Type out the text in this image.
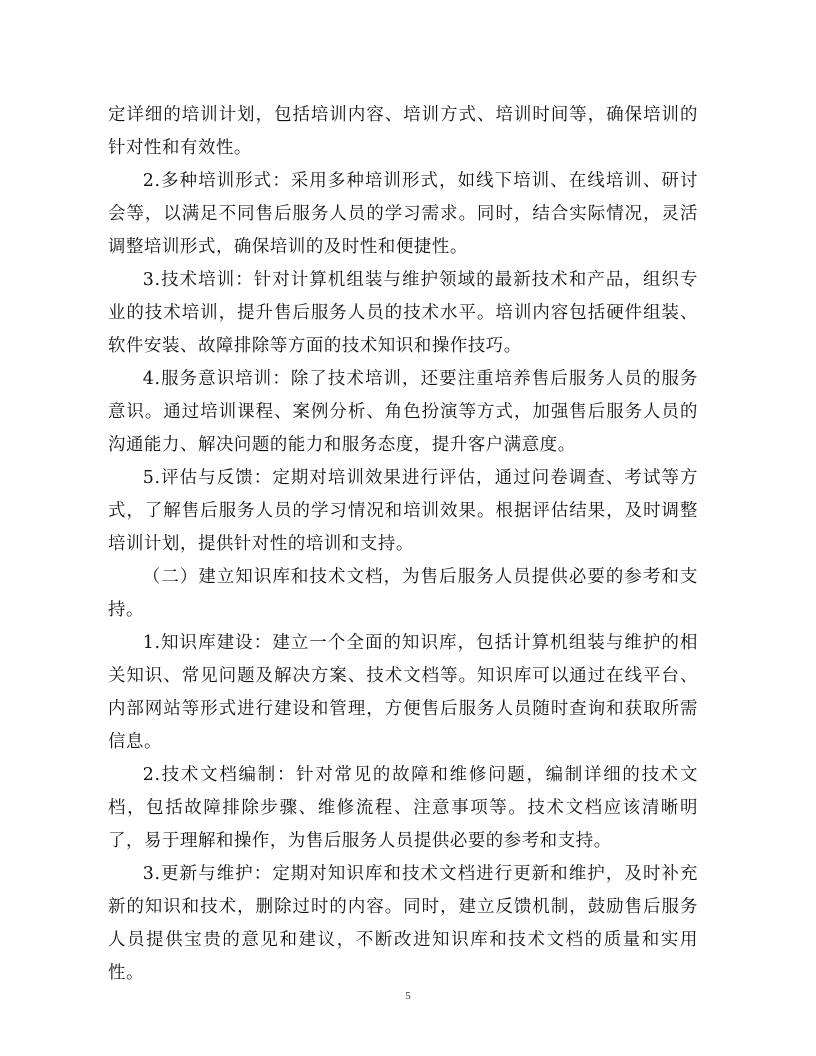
定详细的培训计划，包括培训内容、培训方式、培训时间等，确保培训的针对性和有效性。

2.多种培训形式：采用多种培训形式，如线下培训、在线培训、研讨会等，以满足不同售后服务人员的学习需求。同时，结合实际情况，灵活调整培训形式，确保培训的及时性和便捷性。

3.技术培训：针对计算机组装与维护领域的最新技术和产品，组织专业的技术培训，提升售后服务人员的技术水平。培训内容包括硬件组装、软件安装、故障排除等方面的技术知识和操作技巧。

4.服务意识培训：除了技术培训，还要注重培养售后服务人员的服务意识。通过培训课程、案例分析、角色扮演等方式，加强售后服务人员的沟通能力、解决问题的能力和服务态度，提升客户满意度。

5.评估与反馈：定期对培训效果进行评估，通过问卷调查、考试等方式，了解售后服务人员的学习情况和培训效果。根据评估结果，及时调整培训计划，提供针对性的培训和支持。

（二）建立知识库和技术文档，为售后服务人员提供必要的参考和支持。

1.知识库建设：建立一个全面的知识库，包括计算机组装与维护的相关知识、常见问题及解决方案、技术文档等。知识库可以通过在线平台、内部网站等形式进行建设和管理，方便售后服务人员随时查询和获取所需信息。

2.技术文档编制：针对常见的故障和维修问题，编制详细的技术文档，包括故障排除步骤、维修流程、注意事项等。技术文档应该清晰明了，易于理解和操作，为售后服务人员提供必要的参考和支持。

3.更新与维护：定期对知识库和技术文档进行更新和维护，及时补充新的知识和技术，删除过时的内容。同时，建立反馈机制，鼓励售后服务人员提供宝贵的意见和建议，不断改进知识库和技术文档的质量和实用性。

5
